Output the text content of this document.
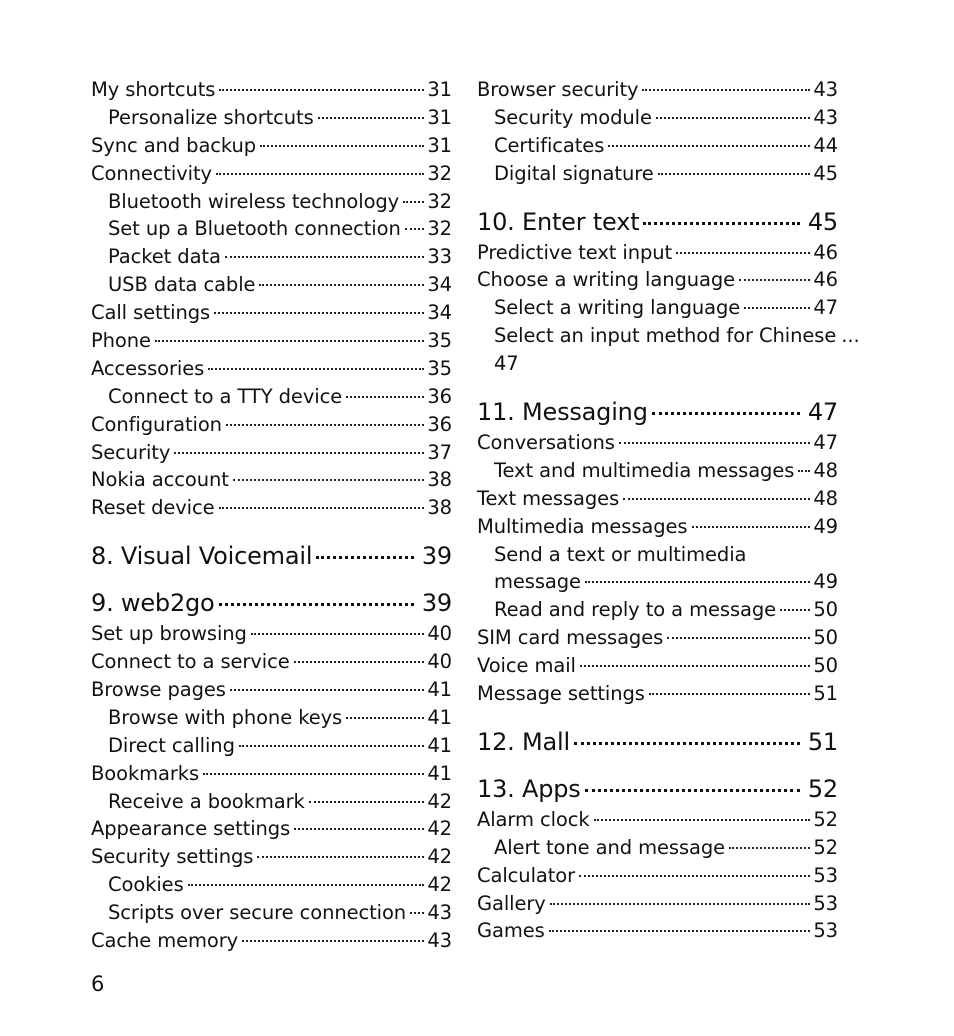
My shortcuts	31
Personalize shortcuts	31
Sync and backup	31
Connectivity	32
Bluetooth wireless technology 32
Set up a Bluetooth connection 32
Packet data	33
USB data cable	34
Call settings	34
Phone	35
Accessories	35
Connect to a TTY device	36
Configuration	36
Security	37
Nokia account	38
Reset device	38
8. Visual Voicemail	39
9. web2go	39
Set up browsing	40
Connect to a service	40
Browse pages	41
Browse with phone keys	41
Direct calling	41
Bookmarks	41
Receive a bookmark	42
Appearance settings	42
Security settings	42
Cookies	42
Scripts over secure connection 43
Cache memory	43
Browser security	43
Security module	43
Certificates	44
Digital signature	45
10. Enter text	45
Predictive text input	46
Choose a writing language	46
Select a writing language	47
Select an input method for Chinese ...
47
11. Messaging	47
Conversations	47
Text and multimedia messages 48
Text messages	48
Multimedia messages	49
Send a text or multimedia
message	49
Read and reply to a message 50
SIM card messages	50
Voice mail	50
Message settings	51
12. Mall	51
13. Apps	52
Alarm clock	52
Alert tone and message	52
Calculator	53
Gallery	53
Games	53
6
